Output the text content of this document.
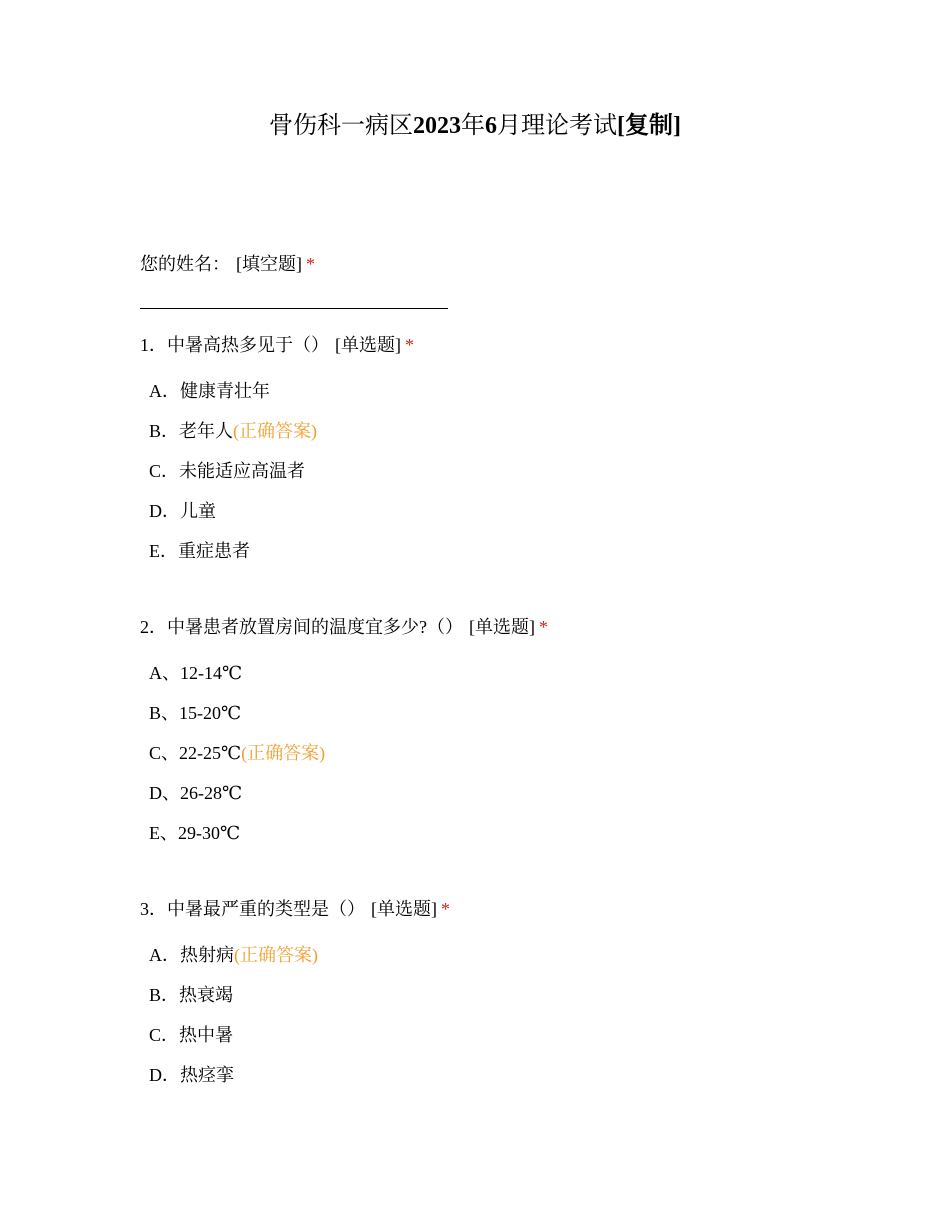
骨伤科一病区2023年6月理论考试[复制]
您的姓名： [填空题] *
1．中暑高热多见于（） [单选题] *
A．健康青壮年
B．老年人(正确答案)
C．未能适应高温者
D．儿童
E．重症患者
2．中暑患者放置房间的温度宜多少?（） [单选题] *
A、12-14℃
B、15-20℃
C、22-25℃(正确答案)
D、26-28℃
E、29-30℃
3．中暑最严重的类型是（） [单选题] *
A．热射病(正确答案)
B．热衰竭
C．热中暑
D．热痉挛
